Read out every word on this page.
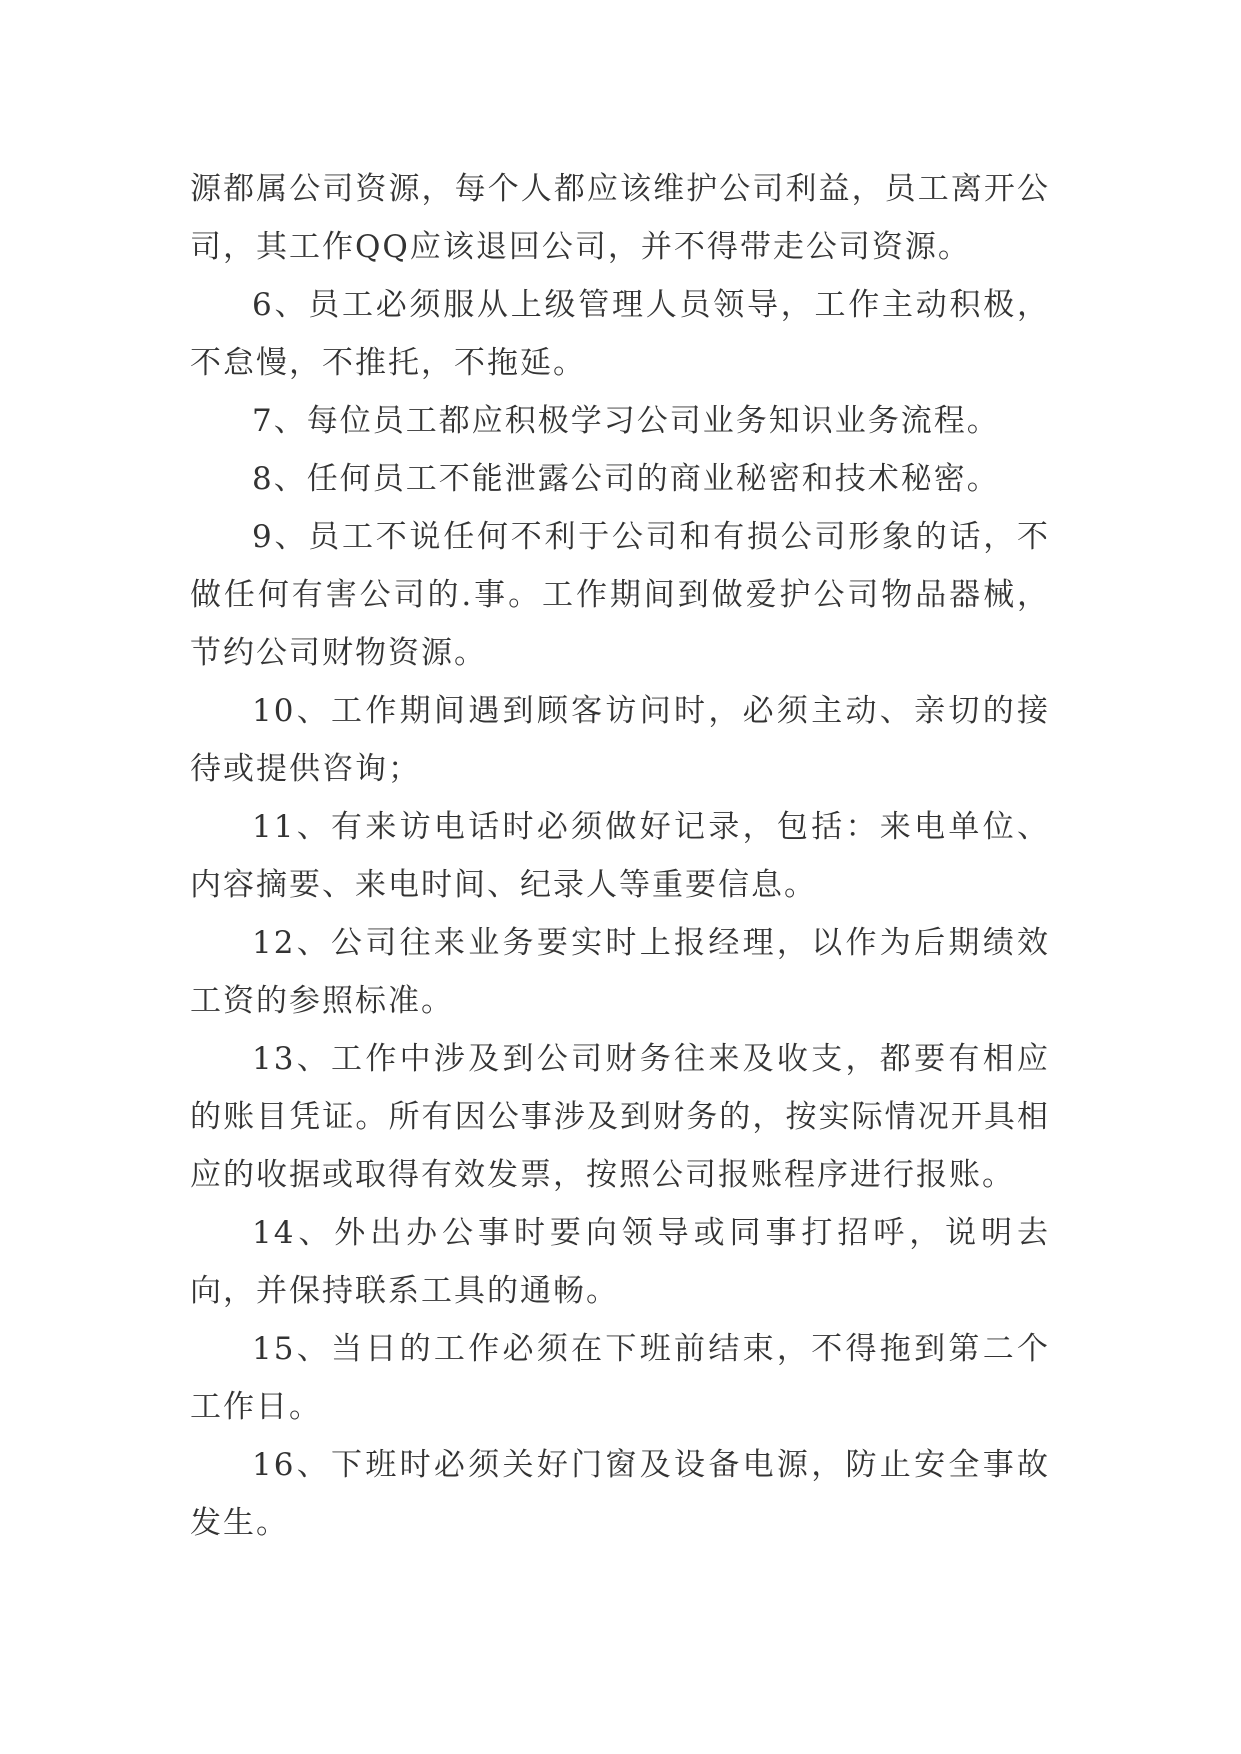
源都属公司资源，每个人都应该维护公司利益，员工离开公司，其工作QQ应该退回公司，并不得带走公司资源。

6、员工必须服从上级管理人员领导，工作主动积极，不怠慢，不推托，不拖延。

7、每位员工都应积极学习公司业务知识业务流程。

8、任何员工不能泄露公司的商业秘密和技术秘密。

9、员工不说任何不利于公司和有损公司形象的话，不做任何有害公司的.事。工作期间到做爱护公司物品器械，节约公司财物资源。

10、工作期间遇到顾客访问时，必须主动、亲切的接待或提供咨询；

11、有来访电话时必须做好记录，包括：来电单位、内容摘要、来电时间、纪录人等重要信息。

12、公司往来业务要实时上报经理，以作为后期绩效工资的参照标准。

13、工作中涉及到公司财务往来及收支，都要有相应的账目凭证。所有因公事涉及到财务的，按实际情况开具相应的收据或取得有效发票，按照公司报账程序进行报账。

14、外出办公事时要向领导或同事打招呼，说明去向，并保持联系工具的通畅。

15、当日的工作必须在下班前结束，不得拖到第二个工作日。

16、下班时必须关好门窗及设备电源，防止安全事故发生。
